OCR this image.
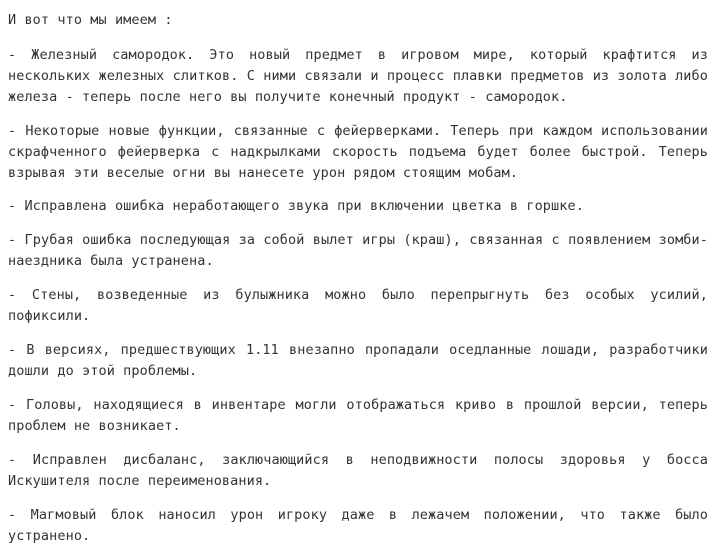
И вот что мы имеем :

- Железный самородок. Это новый предмет в игровом мире, который крафтится из нескольких железных слитков. С ними связали и процесс плавки предметов из золота либо железа - теперь после него вы получите конечный продукт - самородок.

- Некоторые новые функции, связанные с фейерверками. Теперь при каждом использовании скрафченного фейерверка с надкрылками скорость подъема будет более быстрой. Теперь взрывая эти веселые огни вы нанесете урон рядом стоящим мобам.

- Исправлена ошибка неработающего звука при включении цветка в горшке.

- Грубая ошибка последующая за собой вылет игры (краш), связанная с появлением зомби-наездника была устранена.

- Стены, возведенные из булыжника можно было перепрыгнуть без особых усилий, пофиксили.

- В версиях, предшествующих 1.11 внезапно пропадали оседланные лошади, разработчики дошли до этой проблемы.

- Головы, находящиеся в инвентаре могли отображаться криво в прошлой версии, теперь проблем не возникает.

- Исправлен дисбаланс, заключающийся в неподвижности полосы здоровья у босса Искушителя после переименования.

- Магмовый блок наносил урон игроку даже в лежачем положении, что также было устранено.
